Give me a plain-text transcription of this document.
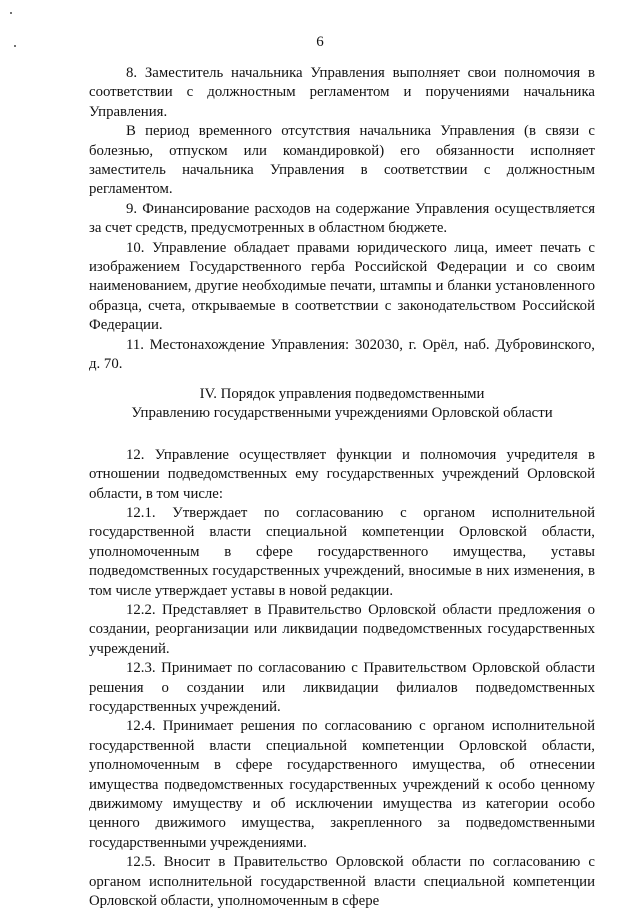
6

8. Заместитель начальника Управления выполняет свои полномочия в соответствии с должностным регламентом и поручениями начальника Управления.

В период временного отсутствия начальника Управления (в связи с болезнью, отпуском или командировкой) его обязанности исполняет заместитель начальника Управления в соответствии с должностным регламентом.

9. Финансирование расходов на содержание Управления осуществляется за счет средств, предусмотренных в областном бюджете.

10. Управление обладает правами юридического лица, имеет печать с изображением Государственного герба Российской Федерации и со своим наименованием, другие необходимые печати, штампы и бланки установленного образца, счета, открываемые в соответствии с законодательством Российской Федерации.

11. Местонахождение Управления: 302030, г. Орёл, наб. Дубровинского, д. 70.

IV. Порядок управления подведомственными
Управлению государственными учреждениями Орловской области

12. Управление осуществляет функции и полномочия учредителя в отношении подведомственных ему государственных учреждений Орловской области, в том числе:

12.1. Утверждает по согласованию с органом исполнительной государственной власти специальной компетенции Орловской области, уполномоченным в сфере государственного имущества, уставы подведомственных государственных учреждений, вносимые в них изменения, в том числе утверждает уставы в новой редакции.

12.2. Представляет в Правительство Орловской области предложения о создании, реорганизации или ликвидации подведомственных государственных учреждений.

12.3. Принимает по согласованию с Правительством Орловской области решения о создании или ликвидации филиалов подведомственных государственных учреждений.

12.4. Принимает решения по согласованию с органом исполнительной государственной власти специальной компетенции Орловской области, уполномоченным в сфере государственного имущества, об отнесении имущества подведомственных государственных учреждений к особо ценному движимому имуществу и об исключении имущества из категории особо ценного движимого имущества, закрепленного за подведомственными государственными учреждениями.

12.5. Вносит в Правительство Орловской области по согласованию с органом исполнительной государственной власти специальной компетенции Орловской области, уполномоченным в сфере
